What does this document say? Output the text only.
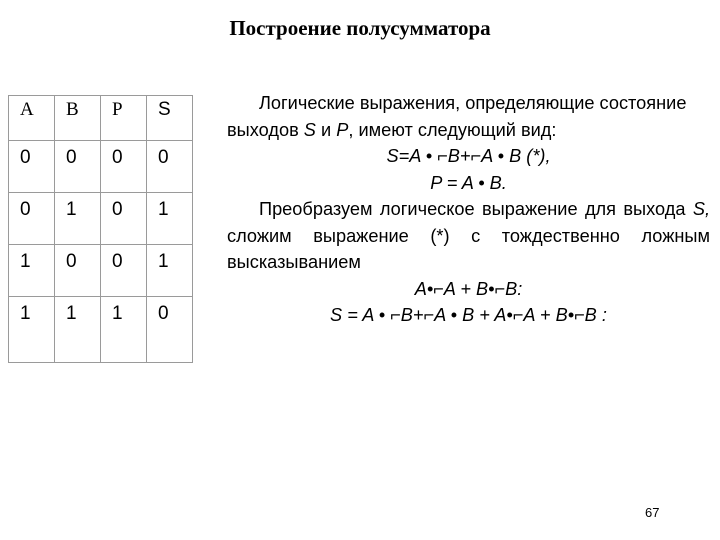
Построение полусумматора
A	B	P	S
0	0	0	0
0	1	0	1
1	0	0	1
1	1	1	0

Логические выражения, определяющие состояние выходов S и P, имеют следующий вид:

S=A • ⌐B+⌐A • B (*),

P = A • B.

Преобразуем логическое выражение для выхода S, сложим выражение (*) с тождественно ложным высказыванием

A•⌐A + B•⌐B:

S = A • ⌐B+⌐A • B + A•⌐A + B•⌐B :

67
